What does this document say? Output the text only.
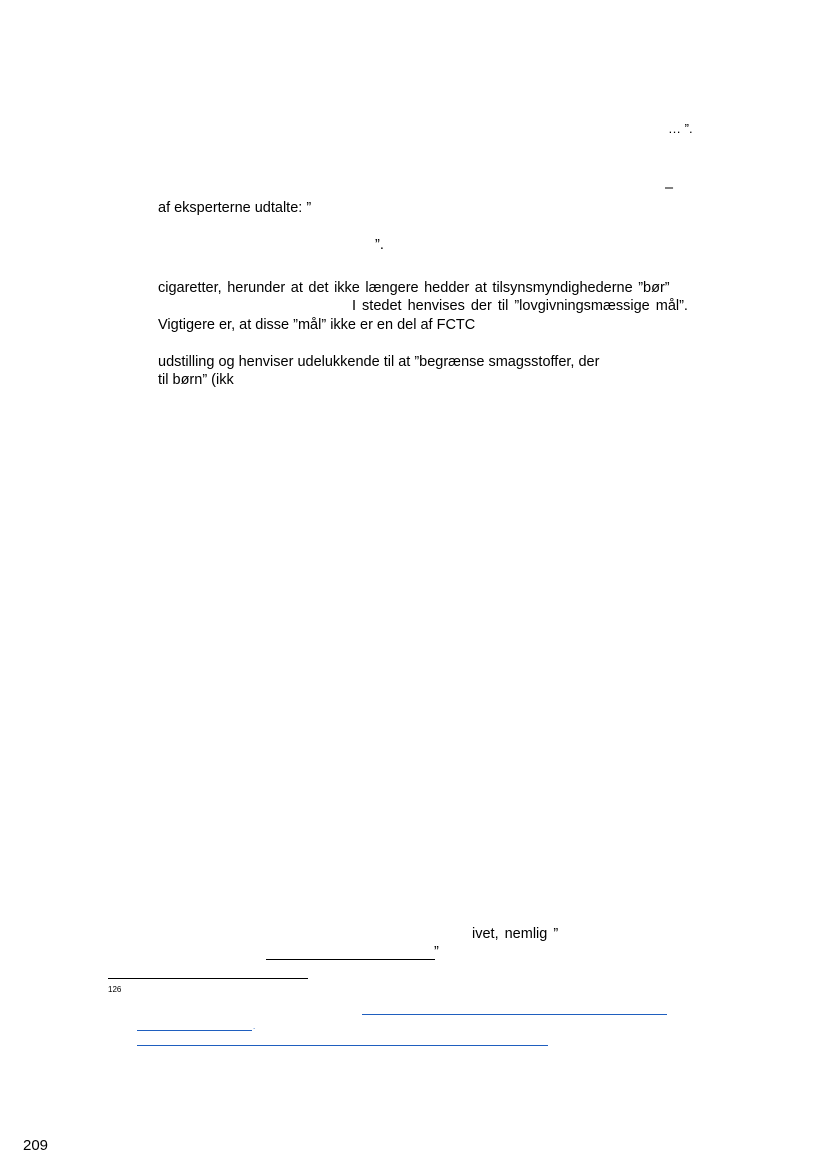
… ”.
–
af eksperterne udtalte: ”
”.
cigaretter, herunder at det ikke længere hedder at tilsynsmyndighederne ”bør”
I stedet henvises der til ”lovgivningsmæssige mål”.
Vigtigere er, at disse ”mål” ikke er en del af FCTC
udstilling og henviser udelukkende til at ”begrænse smagsstoffer, der
til børn” (ikk
ivet, nemlig ”
”
126
.
209
